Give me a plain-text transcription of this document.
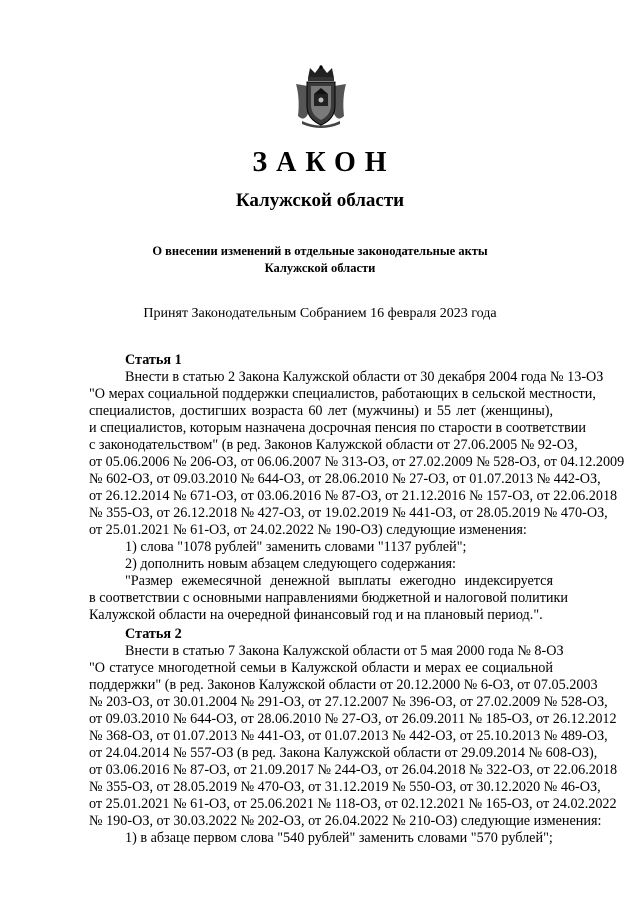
ЗАКОН
Калужской области
О внесении изменений в отдельные законодательные акты
Калужской области
Принят Законодательным Собранием 16 февраля 2023 года
Статья 1
Внести в статью 2 Закона Калужской области от 30 декабря 2004 года № 13-ОЗ
"О мерах социальной поддержки специалистов, работающих в сельской местности,
специалистов, достигших возраста 60 лет (мужчины) и 55 лет (женщины),
и специалистов, которым назначена досрочная пенсия по старости в соответствии
с законодательством" (в ред. Законов Калужской области от 27.06.2005 № 92-ОЗ,
от 05.06.2006 № 206-ОЗ, от 06.06.2007 № 313-ОЗ, от 27.02.2009 № 528-ОЗ, от 04.12.2009
№ 602-ОЗ, от 09.03.2010 № 644-ОЗ, от 28.06.2010 № 27-ОЗ, от 01.07.2013 № 442-ОЗ,
от 26.12.2014 № 671-ОЗ, от 03.06.2016 № 87-ОЗ, от 21.12.2016 № 157-ОЗ, от 22.06.2018
№ 355-ОЗ, от 26.12.2018 № 427-ОЗ, от 19.02.2019 № 441-ОЗ, от 28.05.2019 № 470-ОЗ,
от 25.01.2021 № 61-ОЗ, от 24.02.2022 № 190-ОЗ) следующие изменения:
1) слова "1078 рублей" заменить словами "1137 рублей";
2) дополнить новым абзацем следующего содержания:
"Размер ежемесячной денежной выплаты ежегодно индексируется
в соответствии с основными направлениями бюджетной и налоговой политики
Калужской области на очередной финансовый год и на плановый период.".
Статья 2
Внести в статью 7 Закона Калужской области от 5 мая 2000 года № 8-ОЗ
"О статусе многодетной семьи в Калужской области и мерах ее социальной
поддержки" (в ред. Законов Калужской области от 20.12.2000 № 6-ОЗ, от 07.05.2003
№ 203-ОЗ, от 30.01.2004 № 291-ОЗ, от 27.12.2007 № 396-ОЗ, от 27.02.2009 № 528-ОЗ,
от 09.03.2010 № 644-ОЗ, от 28.06.2010 № 27-ОЗ, от 26.09.2011 № 185-ОЗ, от 26.12.2012
№ 368-ОЗ, от 01.07.2013 № 441-ОЗ, от 01.07.2013 № 442-ОЗ, от 25.10.2013 № 489-ОЗ,
от 24.04.2014 № 557-ОЗ (в ред. Закона Калужской области от 29.09.2014 № 608-ОЗ),
от 03.06.2016 № 87-ОЗ, от 21.09.2017 № 244-ОЗ, от 26.04.2018 № 322-ОЗ, от 22.06.2018
№ 355-ОЗ, от 28.05.2019 № 470-ОЗ, от 31.12.2019 № 550-ОЗ, от 30.12.2020 № 46-ОЗ,
от 25.01.2021 № 61-ОЗ, от 25.06.2021 № 118-ОЗ, от 02.12.2021 № 165-ОЗ, от 24.02.2022
№ 190-ОЗ, от 30.03.2022 № 202-ОЗ, от 26.04.2022 № 210-ОЗ) следующие изменения:
1) в абзаце первом слова "540 рублей" заменить словами "570 рублей";
